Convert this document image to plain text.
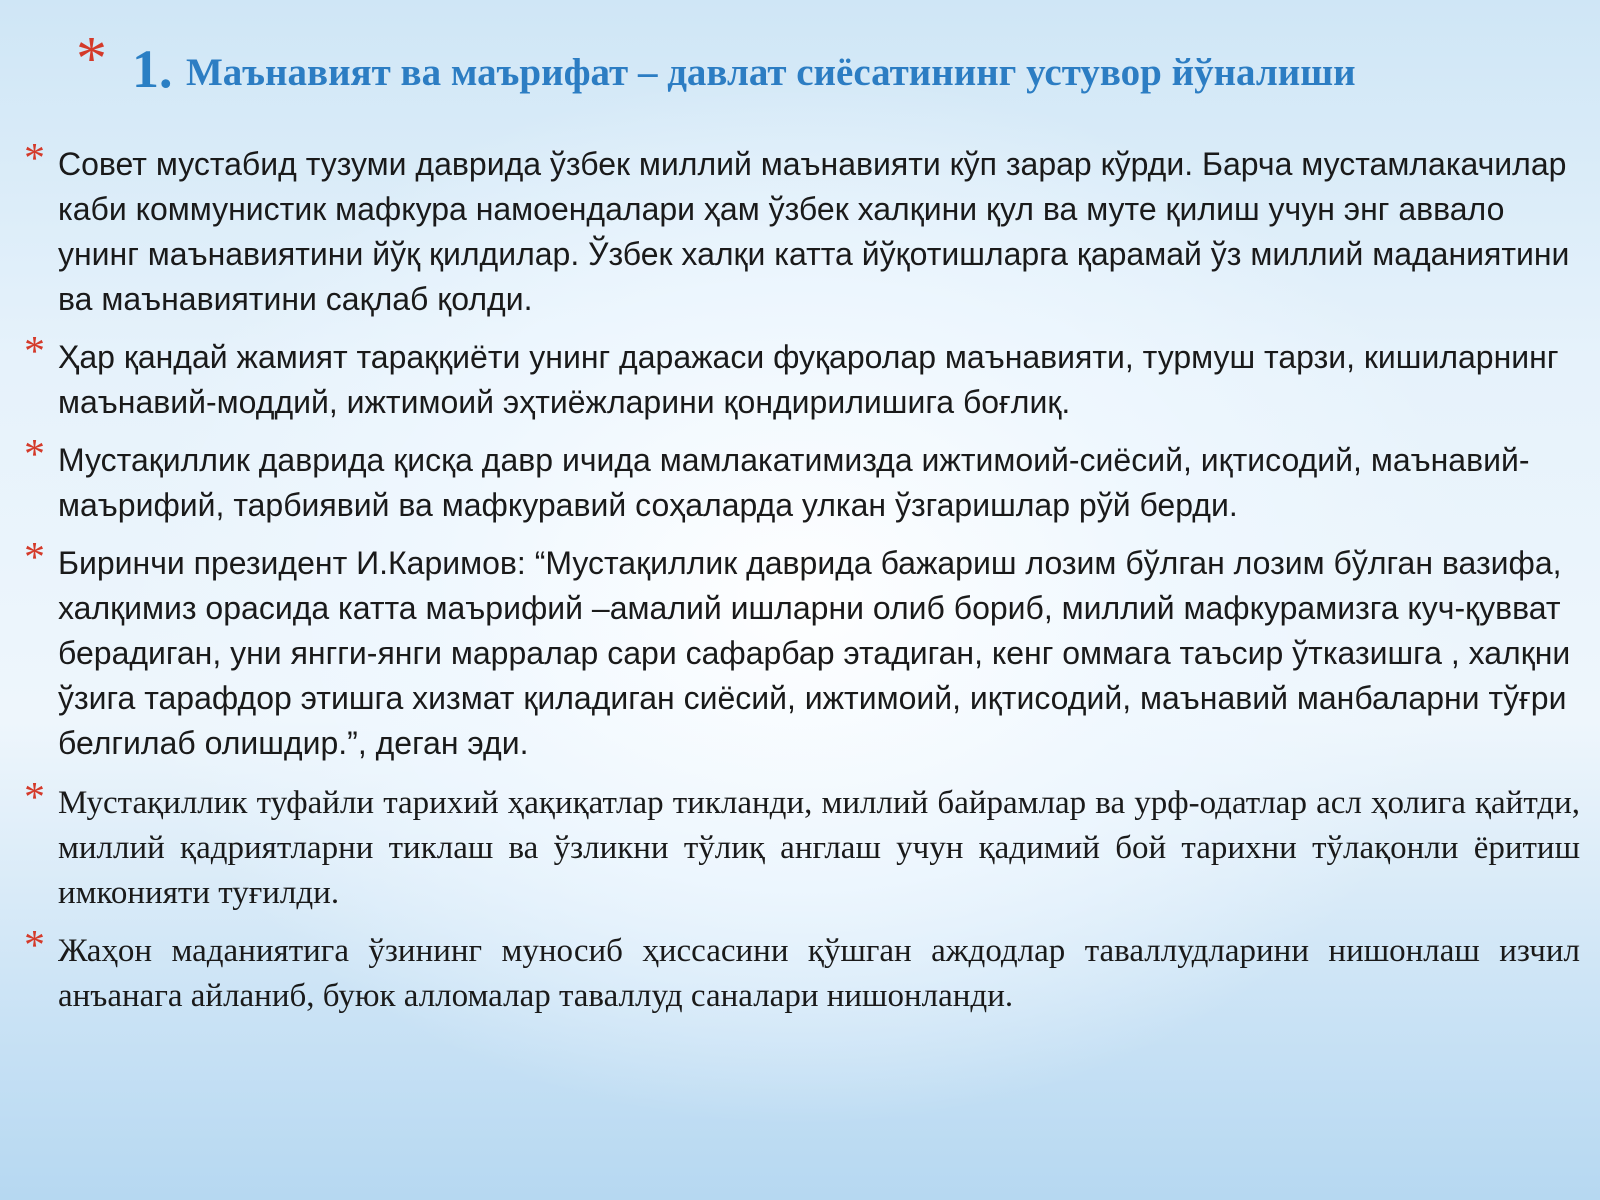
* 1. Маънавият ва маърифат – давлат сиёсатининг устувор йўналиши
* Совет мустабид тузуми даврида ўзбек миллий маънавияти кўп зарар кўрди. Барча мустамлакачилар каби коммунистик мафкура намоендалари ҳам ўзбек халқини қул ва муте қилиш учун энг аввало унинг маънавиятини йўқ қилдилар. Ўзбек халқи катта йўқотишларга қарамай ўз миллий маданиятини ва маънавиятини сақлаб қолди.
* Ҳар қандай жамият тараққиёти унинг даражаси фуқаролар маънавияти, турмуш тарзи, кишиларнинг маънавий-моддий, ижтимоий эҳтиёжларини қондирилишига боғлиқ.
* Мустақиллик даврида қисқа давр ичида мамлакатимизда ижтимоий-сиёсий, иқтисодий, маънавий-маърифий, тарбиявий ва мафкуравий соҳаларда улкан ўзгаришлар рўй берди.
* Биринчи президент И.Каримов: “Мустақиллик даврида бажариш лозим бўлган лозим бўлган вазифа, халқимиз орасида катта маърифий –амалий ишларни олиб бориб, миллий мафкурамизга куч-қувват берадиган, уни янгги-янги марралар сари сафарбар этадиган, кенг оммага таъсир ўтказишга , халқни ўзига тарафдор этишга хизмат қиладиган сиёсий, ижтимоий, иқтисодий, маънавий манбаларни тўғри белгилаб олишдир.”, деган эди.
* Мустақиллик туфайли тарихий ҳақиқатлар тикланди, миллий байрамлар ва урф-одатлар асл ҳолига қайтди, миллий қадриятларни тиклаш ва ўзликни тўлиқ англаш учун қадимий бой тарихни тўлақонли ёритиш имконияти туғилди.
* Жаҳон маданиятига ўзининг муносиб ҳиссасини қўшган аждодлар таваллудларини нишонлаш изчил анъанага айланиб, буюк алломалар таваллуд саналари нишонланди.
